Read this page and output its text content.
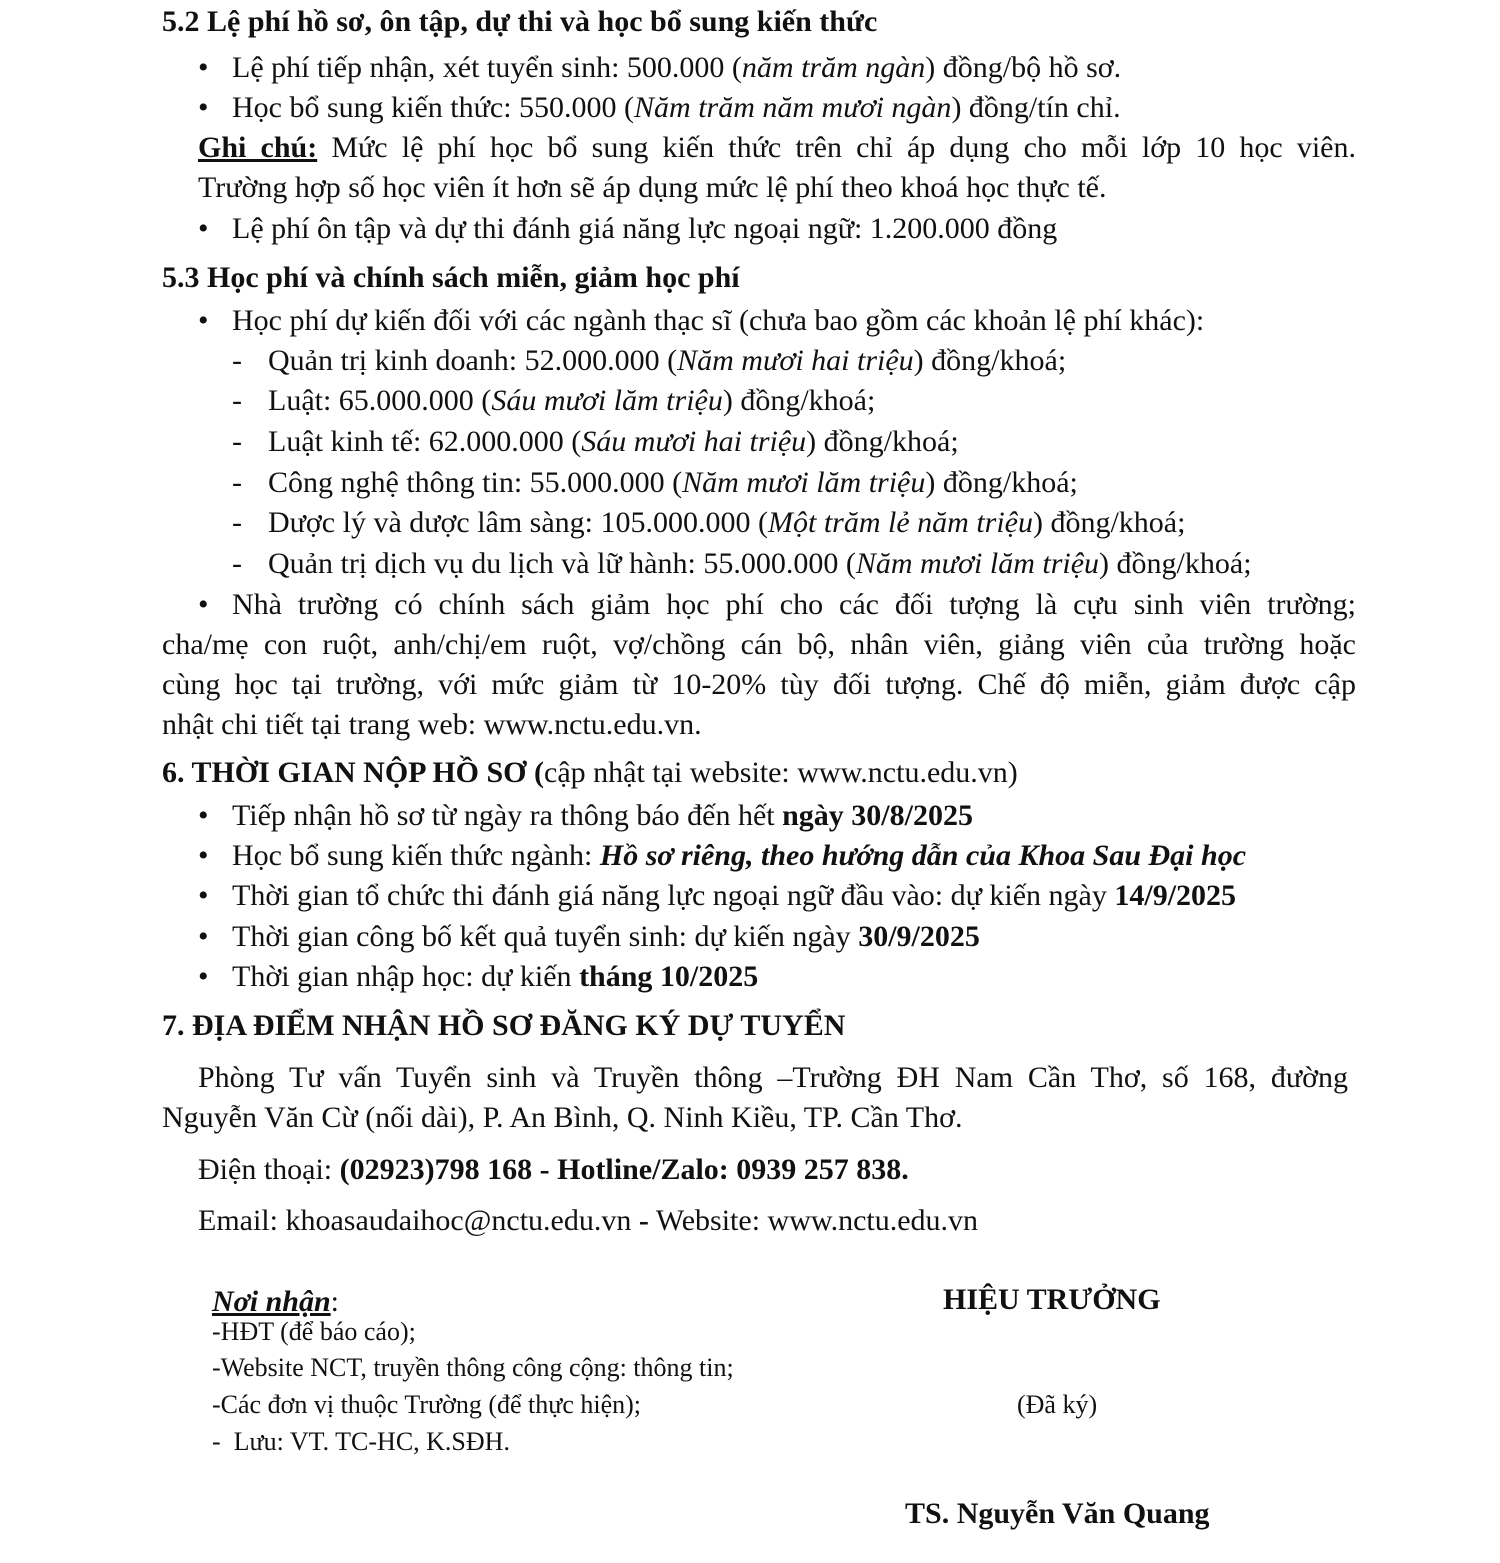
5.2 Lệ phí hồ sơ, ôn tập, dự thi và học bổ sung kiến thức
• Lệ phí tiếp nhận, xét tuyển sinh: 500.000 (năm trăm ngàn) đồng/bộ hồ sơ.
• Học bổ sung kiến thức: 550.000 (Năm trăm năm mươi ngàn) đồng/tín chỉ.
Ghi chú: Mức lệ phí học bổ sung kiến thức trên chỉ áp dụng cho mỗi lớp 10 học viên.
Trường hợp số học viên ít hơn sẽ áp dụng mức lệ phí theo khoá học thực tế.
• Lệ phí ôn tập và dự thi đánh giá năng lực ngoại ngữ: 1.200.000 đồng
5.3 Học phí và chính sách miễn, giảm học phí
• Học phí dự kiến đối với các ngành thạc sĩ (chưa bao gồm các khoản lệ phí khác):
- Quản trị kinh doanh: 52.000.000 (Năm mươi hai triệu) đồng/khoá;
- Luật: 65.000.000 (Sáu mươi lăm triệu) đồng/khoá;
- Luật kinh tế: 62.000.000 (Sáu mươi hai triệu) đồng/khoá;
- Công nghệ thông tin: 55.000.000 (Năm mươi lăm triệu) đồng/khoá;
- Dược lý và dược lâm sàng: 105.000.000 (Một trăm lẻ năm triệu) đồng/khoá;
- Quản trị dịch vụ du lịch và lữ hành: 55.000.000 (Năm mươi lăm triệu) đồng/khoá;
• Nhà trường có chính sách giảm học phí cho các đối tượng là cựu sinh viên trường;
cha/mẹ con ruột, anh/chị/em ruột, vợ/chồng cán bộ, nhân viên, giảng viên của trường hoặc
cùng học tại trường, với mức giảm từ 10-20% tùy đối tượng. Chế độ miễn, giảm được cập
nhật chi tiết tại trang web: www.nctu.edu.vn.
6. THỜI GIAN NỘP HỒ SƠ (cập nhật tại website: www.nctu.edu.vn)
• Tiếp nhận hồ sơ từ ngày ra thông báo đến hết ngày 30/8/2025
• Học bổ sung kiến thức ngành: Hồ sơ riêng, theo hướng dẫn của Khoa Sau Đại học
• Thời gian tổ chức thi đánh giá năng lực ngoại ngữ đầu vào: dự kiến ngày 14/9/2025
• Thời gian công bố kết quả tuyển sinh: dự kiến ngày 30/9/2025
• Thời gian nhập học: dự kiến tháng 10/2025
7. ĐỊA ĐIỂM NHẬN HỒ SƠ ĐĂNG KÝ DỰ TUYỂN
Phòng Tư vấn Tuyển sinh và Truyền thông –Trường ĐH Nam Cần Thơ, số 168, đường
Nguyễn Văn Cừ (nối dài), P. An Bình, Q. Ninh Kiều, TP. Cần Thơ.
Điện thoại: (02923)798 168 - Hotline/Zalo: 0939 257 838.
Email: khoasaudaihoc@nctu.edu.vn - Website: www.nctu.edu.vn
Nơi nhận:
-HĐT (để báo cáo);
-Website NCT, truyền thông công cộng: thông tin;
-Các đơn vị thuộc Trường (để thực hiện);
-  Lưu: VT. TC-HC, K.SĐH.
HIỆU TRƯỞNG
(Đã ký)
TS. Nguyễn Văn Quang
